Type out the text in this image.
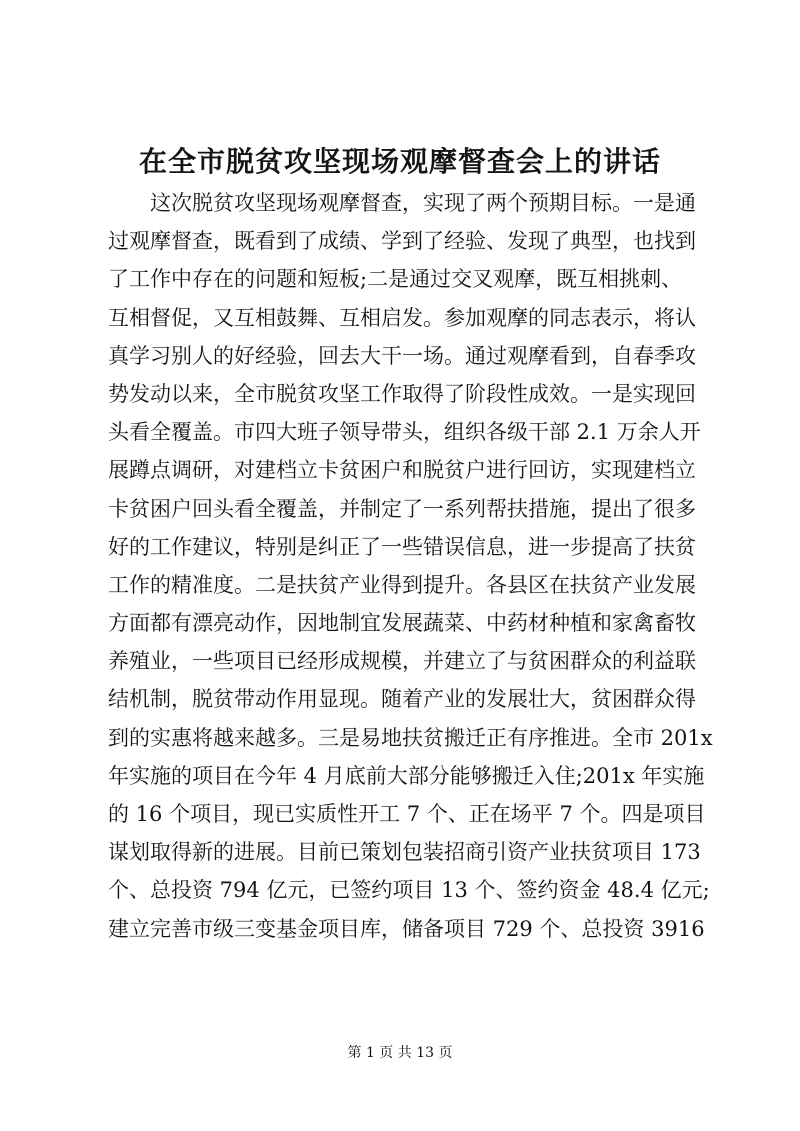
在全市脱贫攻坚现场观摩督查会上的讲话
这次脱贫攻坚现场观摩督查，实现了两个预期目标。一是通
过观摩督查，既看到了成绩、学到了经验、发现了典型，也找到
了工作中存在的问题和短板;二是通过交叉观摩，既互相挑刺、
互相督促，又互相鼓舞、互相启发。参加观摩的同志表示，将认
真学习别人的好经验，回去大干一场。通过观摩看到，自春季攻
势发动以来，全市脱贫攻坚工作取得了阶段性成效。一是实现回
头看全覆盖。市四大班子领导带头，组织各级干部 2.1 万余人开
展蹲点调研，对建档立卡贫困户和脱贫户进行回访，实现建档立
卡贫困户回头看全覆盖，并制定了一系列帮扶措施，提出了很多
好的工作建议，特别是纠正了一些错误信息，进一步提高了扶贫
工作的精准度。二是扶贫产业得到提升。各县区在扶贫产业发展
方面都有漂亮动作，因地制宜发展蔬菜、中药材种植和家禽畜牧
养殖业，一些项目已经形成规模，并建立了与贫困群众的利益联
结机制，脱贫带动作用显现。随着产业的发展壮大，贫困群众得
到的实惠将越来越多。三是易地扶贫搬迁正有序推进。全市 201x
年实施的项目在今年 4 月底前大部分能够搬迁入住;201x 年实施
的 16 个项目，现已实质性开工 7 个、正在场平 7 个。四是项目
谋划取得新的进展。目前已策划包装招商引资产业扶贫项目 173
个、总投资 794 亿元，已签约项目 13 个、签约资金 48.4 亿元;
建立完善市级三变基金项目库，储备项目 729 个、总投资 3916
第 1 页 共 13 页
